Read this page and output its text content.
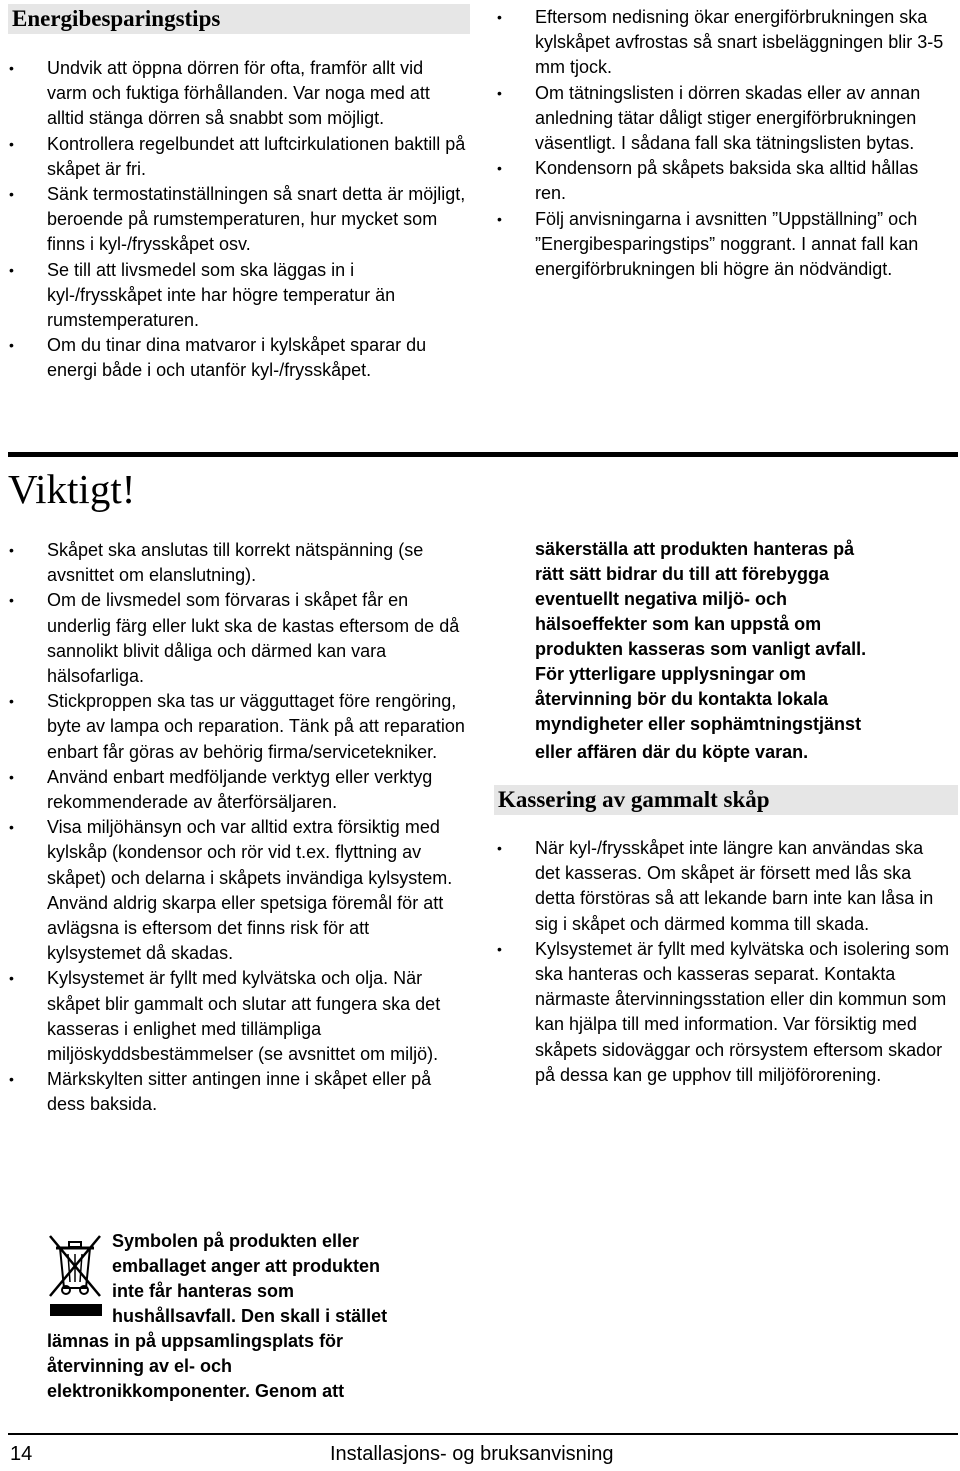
Energibesparingstips
• Undvik att öppna dörren för ofta, framför allt vid varm och fuktiga förhållanden. Var noga med att alltid stänga dörren så snabbt som möjligt.
• Kontrollera regelbundet att luftcirkulationen baktill på skåpet är fri.
• Sänk termostatinställningen så snart detta är möjligt, beroende på rumstemperaturen, hur mycket som finns i kyl-/frysskåpet osv.
• Se till att livsmedel som ska läggas in i kyl-/frysskåpet inte har högre temperatur än rumstemperaturen.
• Om du tinar dina matvaror i kylskåpet sparar du energi både i och utanför kyl-/frysskåpet.
• Eftersom nedisning ökar energiförbrukningen ska kylskåpet avfrostas så snart isbeläggningen blir 3-5 mm tjock.
• Om tätningslisten i dörren skadas eller av annan anledning tätar dåligt stiger energiförbrukningen väsentligt. I sådana fall ska tätningslisten bytas.
• Kondensorn på skåpets baksida ska alltid hållas ren.
• Följ anvisningarna i avsnitten ”Uppställning” och ”Energibesparingstips” noggrant. I annat fall kan energiförbrukningen bli högre än nödvändigt.
Viktigt!
• Skåpet ska anslutas till korrekt nätspänning (se avsnittet om elanslutning).
• Om de livsmedel som förvaras i skåpet får en underlig färg eller lukt ska de kastas eftersom de då sannolikt blivit dåliga och därmed kan vara hälsofarliga.
• Stickproppen ska tas ur vägguttaget före rengöring, byte av lampa och reparation. Tänk på att reparation enbart får göras av behörig firma/servicetekniker.
• Använd enbart medföljande verktyg eller verktyg rekommenderade av återförsäljaren.
• Visa miljöhänsyn och var alltid extra försiktig med kylskåp (kondensor och rör vid t.ex. flyttning av skåpet) och delarna i skåpets invändiga kylsystem. Använd aldrig skarpa eller spetsiga föremål för att avlägsna is eftersom det finns risk för att kylsystemet då skadas.
• Kylsystemet är fyllt med kylvätska och olja. När skåpet blir gammalt och slutar att fungera ska det kasseras i enlighet med tillämpliga miljöskyddsbestämmelser (se avsnittet om miljö).
• Märkskylten sitter antingen inne i skåpet eller på dess baksida.
Symbolen på produkten eller
emballaget anger att produkten
inte får hanteras som
hushållsavfall. Den skall i stället
lämnas in på uppsamlingsplats för
återvinning av el- och
elektronikkomponenter. Genom att
säkerställa att produkten hanteras på
rätt sätt bidrar du till att förebygga
eventuellt negativa miljö- och
hälsoeffekter som kan uppstå om
produkten kasseras som vanligt avfall.
För ytterligare upplysningar om
återvinning bör du kontakta lokala
myndigheter eller sophämtningstjänst
eller affären där du köpte varan.
Kassering av gammalt skåp
• När kyl-/frysskåpet inte längre kan användas ska det kasseras. Om skåpet är försett med lås ska detta förstöras så att lekande barn inte kan låsa in sig i skåpet och därmed komma till skada.
• Kylsystemet är fyllt med kylvätska och isolering som ska hanteras och kasseras separat. Kontakta närmaste återvinningsstation eller din kommun som kan hjälpa till med information. Var försiktig med skåpets sidoväggar och rörsystem eftersom skador på dessa kan ge upphov till miljöförorening.
14	Installasjons- og bruksanvisning
